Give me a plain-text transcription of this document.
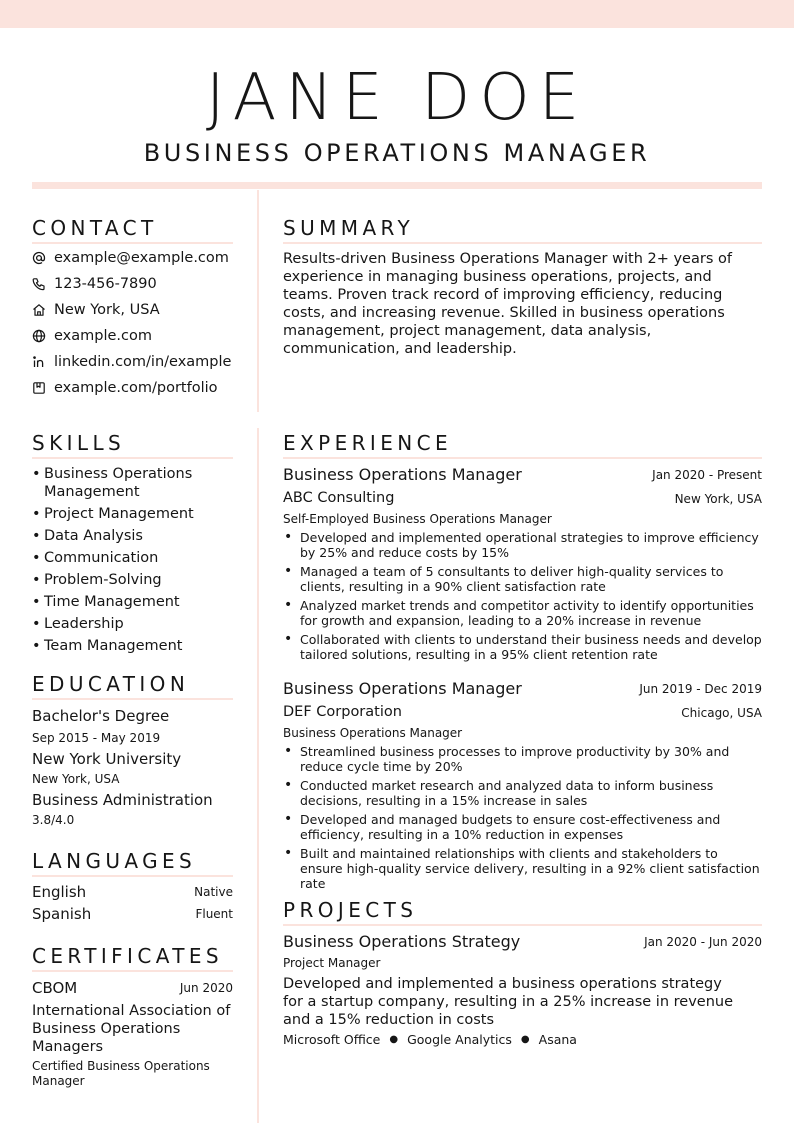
JANE DOE
BUSINESS OPERATIONS MANAGER
CONTACT
example@example.com
123-456-7890
New York, USA
example.com
linkedin.com/in/example
example.com/portfolio
SKILLS
• Business Operations Management
• Project Management
• Data Analysis
• Communication
• Problem-Solving
• Time Management
• Leadership
• Team Management
EDUCATION
Bachelor's Degree
Sep 2015 - May 2019
New York University
New York, USA
Business Administration
3.8/4.0
LANGUAGES
English	Native
Spanish	Fluent
CERTIFICATES
CBOM	Jun 2020
International Association of Business Operations Managers
Certified Business Operations Manager
SUMMARY
Results-driven Business Operations Manager with 2+ years of experience in managing business operations, projects, and teams. Proven track record of improving efficiency, reducing costs, and increasing revenue. Skilled in business operations management, project management, data analysis, communication, and leadership.
EXPERIENCE
Business Operations Manager	Jan 2020 - Present
ABC Consulting	New York, USA
Self-Employed Business Operations Manager
• Developed and implemented operational strategies to improve efficiency by 25% and reduce costs by 15%
• Managed a team of 5 consultants to deliver high-quality services to clients, resulting in a 90% client satisfaction rate
• Analyzed market trends and competitor activity to identify opportunities for growth and expansion, leading to a 20% increase in revenue
• Collaborated with clients to understand their business needs and develop tailored solutions, resulting in a 95% client retention rate
Business Operations Manager	Jun 2019 - Dec 2019
DEF Corporation	Chicago, USA
Business Operations Manager
• Streamlined business processes to improve productivity by 30% and reduce cycle time by 20%
• Conducted market research and analyzed data to inform business decisions, resulting in a 15% increase in sales
• Developed and managed budgets to ensure cost-effectiveness and efficiency, resulting in a 10% reduction in expenses
• Built and maintained relationships with clients and stakeholders to ensure high-quality service delivery, resulting in a 92% client satisfaction rate
PROJECTS
Business Operations Strategy	Jan 2020 - Jun 2020
Project Manager
Developed and implemented a business operations strategy for a startup company, resulting in a 25% increase in revenue and a 15% reduction in costs
Microsoft Office ● Google Analytics ● Asana
